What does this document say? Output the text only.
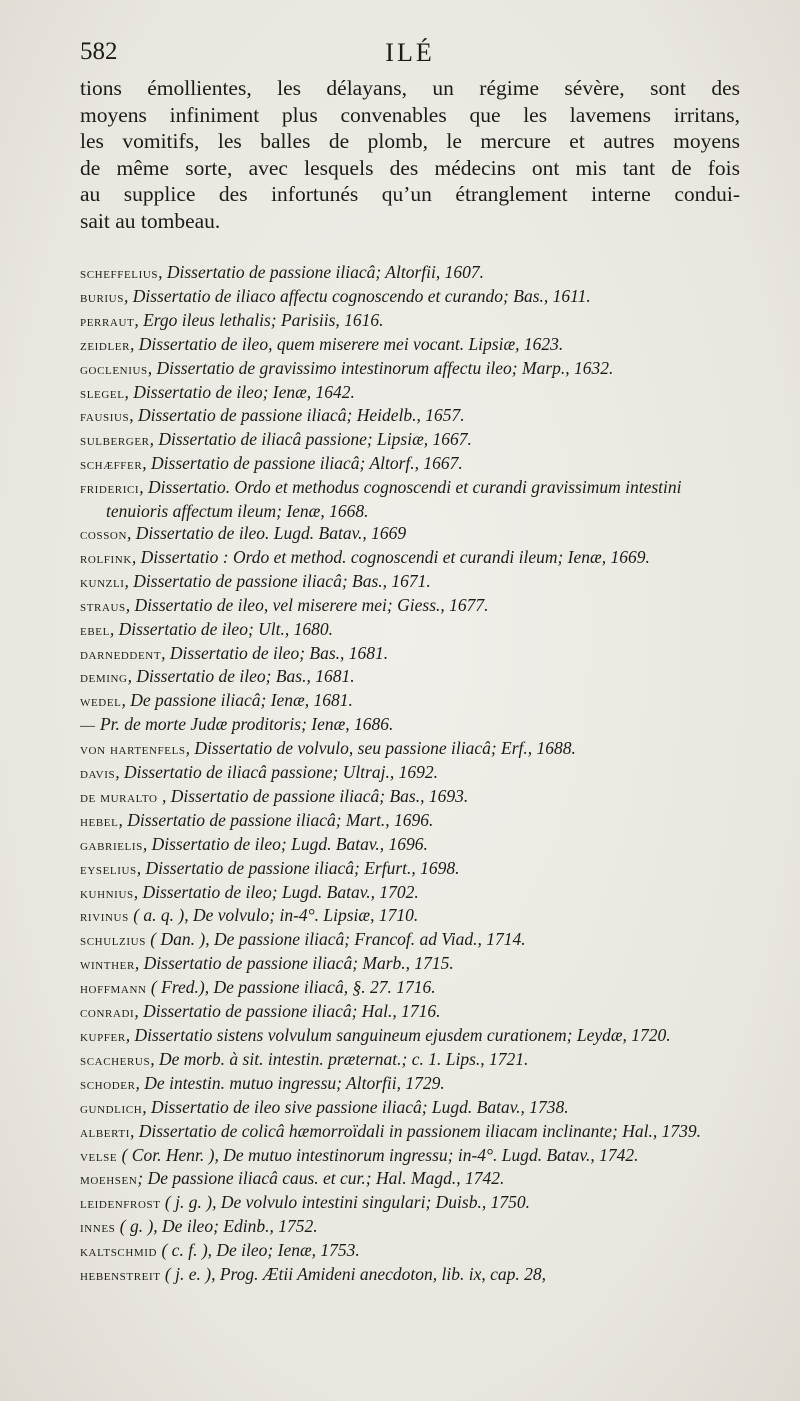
ILÉ
582
tions émollientes, les délayans, un régime sévère, sont des
moyens infiniment plus convenables que les lavemens irritans,
les vomitifs, les balles de plomb, le mercure et autres moyens
de même sorte, avec lesquels des médecins ont mis tant de fois
au supplice des infortunés qu’un étranglement interne condui-
sait au tombeau.
scheffelius, Dissertatio de passione iliacâ; Altorfii, 1607.
burius, Dissertatio de iliaco affectu cognoscendo et curando; Bas., 1611.
perraut, Ergo ileus lethalis; Parisiis, 1616.
zeidler, Dissertatio de ileo, quem miserere mei vocant. Lipsiæ, 1623.
goclenius, Dissertatio de gravissimo intestinorum affectu ileo; Marp., 1632.
slegel, Dissertatio de ileo; Ienæ, 1642.
fausius, Dissertatio de passione iliacâ; Heidelb., 1657.
sulberger, Dissertatio de iliacâ passione; Lipsiæ, 1667.
schæffer, Dissertatio de passione iliacâ; Altorf., 1667.
friderici, Dissertatio. Ordo et methodus cognoscendi et curandi gravissimum intestini tenuioris affectum ileum; Ienæ, 1668.
cosson, Dissertatio de ileo. Lugd. Batav., 1669
rolfink, Dissertatio : Ordo et method. cognoscendi et curandi ileum; Ienæ, 1669.
kunzli, Dissertatio de passione iliacâ; Bas., 1671.
straus, Dissertatio de ileo, vel miserere mei; Giess., 1677.
ebel, Dissertatio de ileo; Ult., 1680.
darneddent, Dissertatio de ileo; Bas., 1681.
deming, Dissertatio de ileo; Bas., 1681.
wedel, De passione iliacâ; Ienæ, 1681.
— Pr. de morte Judæ proditoris; Ienæ, 1686.
von hartenfels, Dissertatio de volvulo, seu passione iliacâ; Erf., 1688.
davis, Dissertatio de iliacâ passione; Ultraj., 1692.
de muralto , Dissertatio de passione iliacâ; Bas., 1693.
hebel, Dissertatio de passione iliacâ; Mart., 1696.
gabrielis, Dissertatio de ileo; Lugd. Batav., 1696.
eyselius, Dissertatio de passione iliacâ; Erfurt., 1698.
kuhnius, Dissertatio de ileo; Lugd. Batav., 1702.
rivinus ( a. q. ), De volvulo; in-4°. Lipsiæ, 1710.
schulzius ( Dan. ), De passione iliacâ; Francof. ad Viad., 1714.
winther, Dissertatio de passione iliacâ; Marb., 1715.
hoffmann ( Fred.), De passione iliacâ, §. 27. 1716.
conradi, Dissertatio de passione iliacâ; Hal., 1716.
kupfer, Dissertatio sistens volvulum sanguineum ejusdem curationem; Leydæ, 1720.
scacherus, De morb. à sit. intestin. præternat.; c. 1. Lips., 1721.
schoder, De intestin. mutuo ingressu; Altorfii, 1729.
gundlich, Dissertatio de ileo sive passione iliacâ; Lugd. Batav., 1738.
alberti, Dissertatio de colicâ hæmorroïdali in passionem iliacam inclinante; Hal., 1739.
velse ( Cor. Henr. ), De mutuo intestinorum ingressu; in-4°. Lugd. Batav., 1742.
moehsen; De passione iliacâ caus. et cur.; Hal. Magd., 1742.
leidenfrost ( j. g. ), De volvulo intestini singulari; Duisb., 1750.
innes ( g. ), De ileo; Edinb., 1752.
kaltschmid ( c. f. ), De ileo; Ienæ, 1753.
hebenstreit ( j. e. ), Prog. Ætii Amideni anecdoton, lib. ix, cap. 28,
